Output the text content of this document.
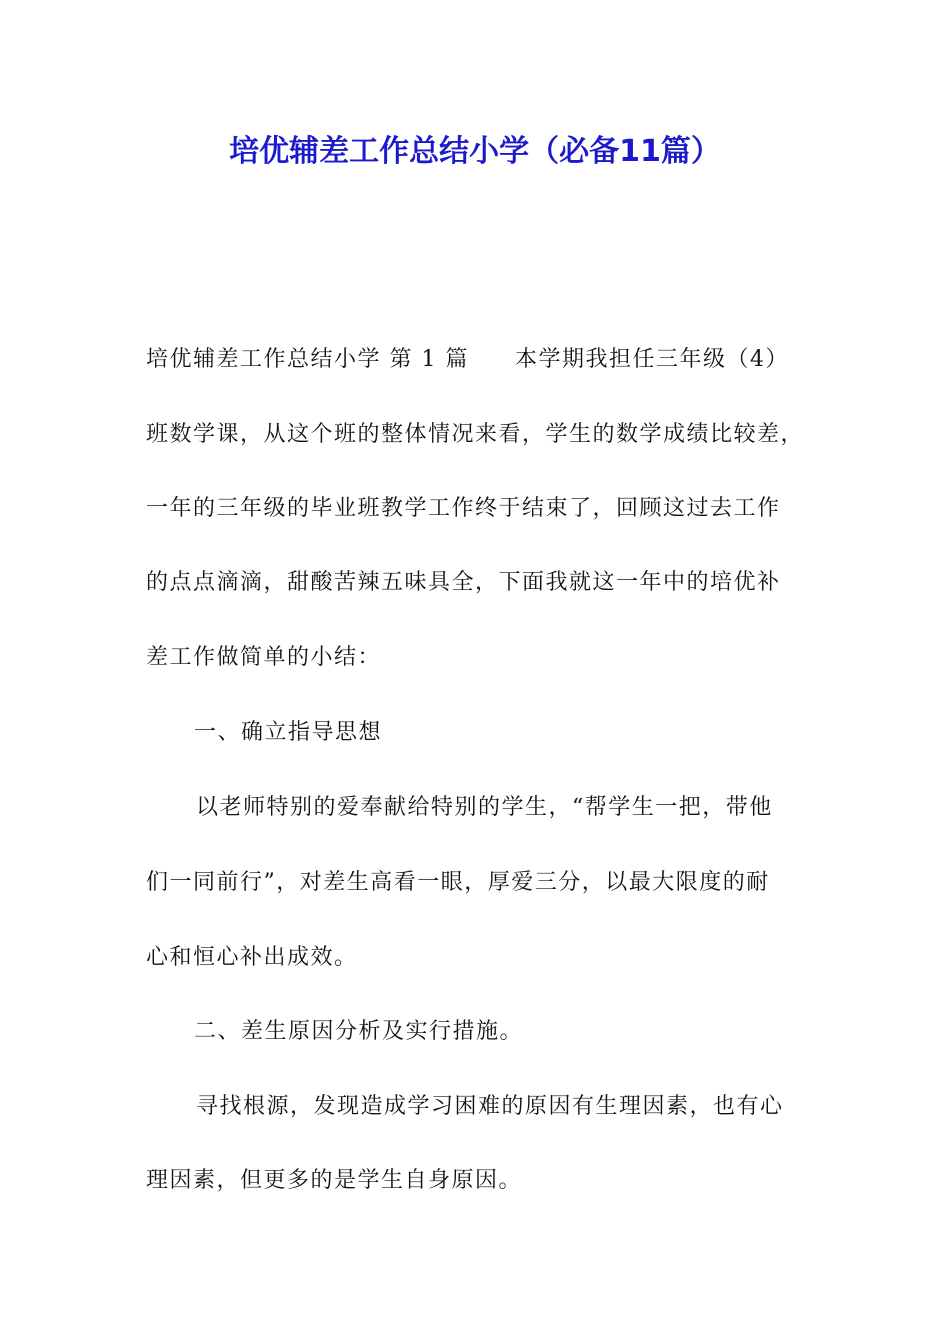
培优辅差工作总结小学（必备11篇）

培优辅差工作总结小学 第 1 篇 本学期我担任三年级（4）

班数学课，从这个班的整体情况来看，学生的数学成绩比较差，

一年的三年级的毕业班教学工作终于结束了，回顾这过去工作

的点点滴滴，甜酸苦辣五味具全，下面我就这一年中的培优补

差工作做简单的小结：

一、确立指导思想

以老师特别的爱奉献给特别的学生，“帮学生一把，带他

们一同前行”，对差生高看一眼，厚爱三分，以最大限度的耐

心和恒心补出成效。

二、差生原因分析及实行措施。

寻找根源，发现造成学习困难的原因有生理因素，也有心

理因素，但更多的是学生自身原因。
